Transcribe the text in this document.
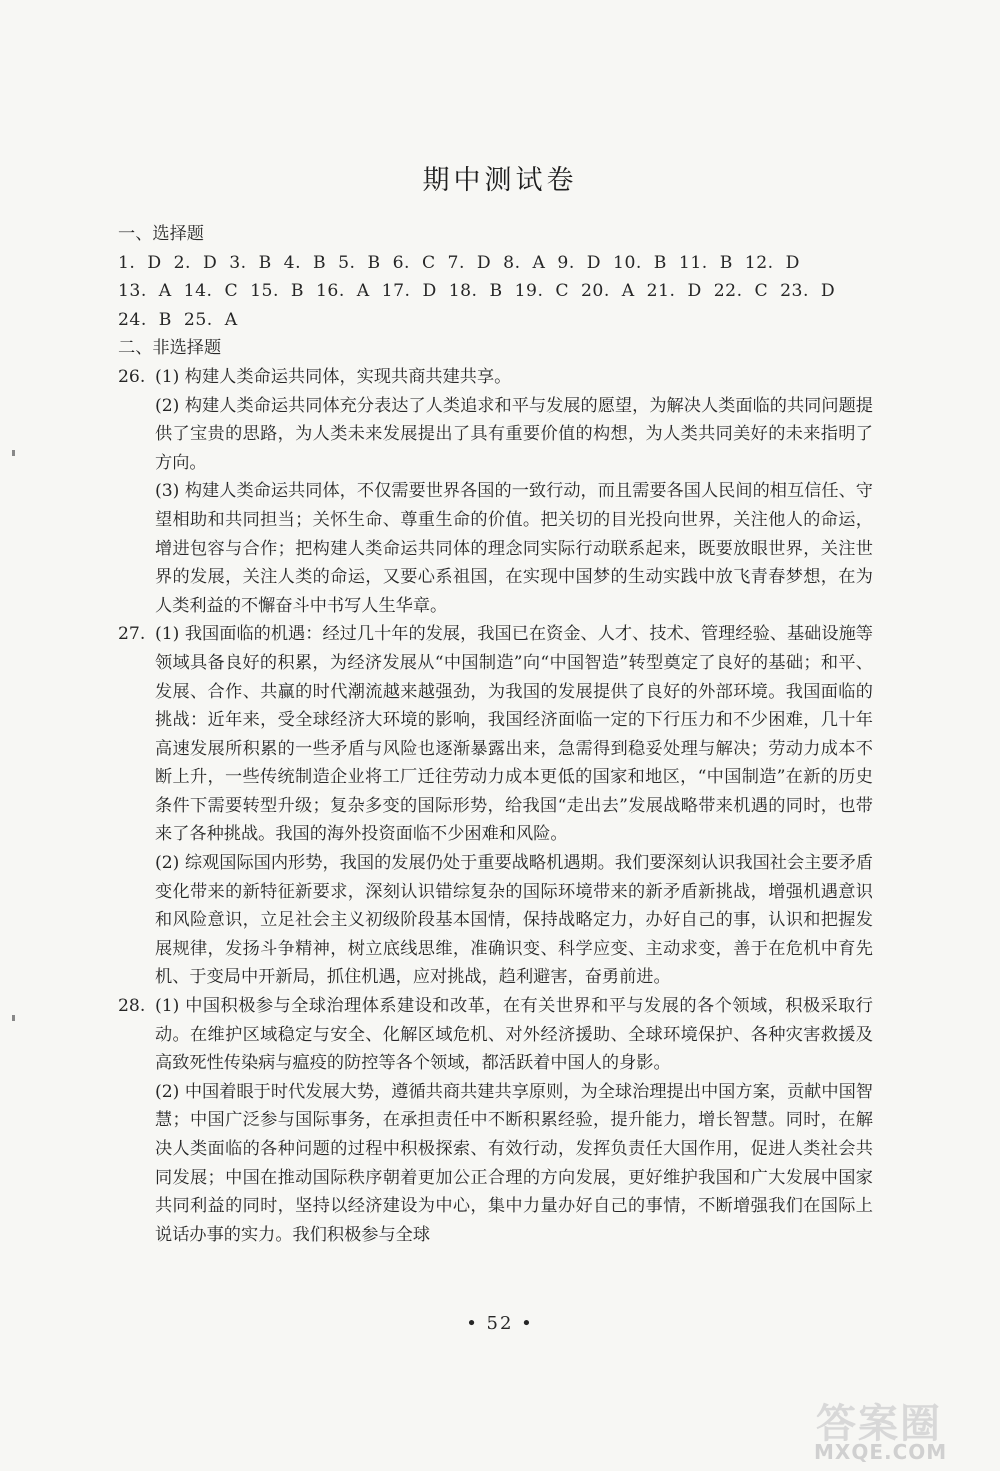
期中测试卷

一、选择题

1. D 2. D 3. B 4. B 5. B 6. C 7. D 8. A 9. D 10. B 11. B 12. D

13. A 14. C 15. B 16. A 17. D 18. B 19. C 20. A 21. D 22. C 23. D

24. B 25. A

二、非选择题

26. (1) 构建人类命运共同体，实现共商共建共享。

(2) 构建人类命运共同体充分表达了人类追求和平与发展的愿望，为解决人类面临的共同问题提供了宝贵的思路，为人类未来发展提出了具有重要价值的构想，为人类共同美好的未来指明了方向。

(3) 构建人类命运共同体，不仅需要世界各国的一致行动，而且需要各国人民间的相互信任、守望相助和共同担当；关怀生命、尊重生命的价值。把关切的目光投向世界，关注他人的命运，增进包容与合作；把构建人类命运共同体的理念同实际行动联系起来，既要放眼世界，关注世界的发展，关注人类的命运，又要心系祖国，在实现中国梦的生动实践中放飞青春梦想，在为人类利益的不懈奋斗中书写人生华章。

27. (1) 我国面临的机遇：经过几十年的发展，我国已在资金、人才、技术、管理经验、基础设施等领域具备良好的积累，为经济发展从“中国制造”向“中国智造”转型奠定了良好的基础；和平、发展、合作、共赢的时代潮流越来越强劲，为我国的发展提供了良好的外部环境。我国面临的挑战：近年来，受全球经济大环境的影响，我国经济面临一定的下行压力和不少困难，几十年高速发展所积累的一些矛盾与风险也逐渐暴露出来，急需得到稳妥处理与解决；劳动力成本不断上升，一些传统制造企业将工厂迁往劳动力成本更低的国家和地区，“中国制造”在新的历史条件下需要转型升级；复杂多变的国际形势，给我国“走出去”发展战略带来机遇的同时，也带来了各种挑战。我国的海外投资面临不少困难和风险。

(2) 综观国际国内形势，我国的发展仍处于重要战略机遇期。我们要深刻认识我国社会主要矛盾变化带来的新特征新要求，深刻认识错综复杂的国际环境带来的新矛盾新挑战，增强机遇意识和风险意识，立足社会主义初级阶段基本国情，保持战略定力，办好自己的事，认识和把握发展规律，发扬斗争精神，树立底线思维，准确识变、科学应变、主动求变，善于在危机中育先机、于变局中开新局，抓住机遇，应对挑战，趋利避害，奋勇前进。

28. (1) 中国积极参与全球治理体系建设和改革，在有关世界和平与发展的各个领域，积极采取行动。在维护区域稳定与安全、化解区域危机、对外经济援助、全球环境保护、各种灾害救援及高致死性传染病与瘟疫的防控等各个领域，都活跃着中国人的身影。

(2) 中国着眼于时代发展大势，遵循共商共建共享原则，为全球治理提出中国方案，贡献中国智慧；中国广泛参与国际事务，在承担责任中不断积累经验，提升能力，增长智慧。同时，在解决人类面临的各种问题的过程中积极探索、有效行动，发挥负责任大国作用，促进人类社会共同发展；中国在推动国际秩序朝着更加公正合理的方向发展，更好维护我国和广大发展中国家共同利益的同时，坚持以经济建设为中心，集中力量办好自己的事情，不断增强我们在国际上说话办事的实力。我们积极参与全球

• 52 •
答案圈
MXQE.COM
